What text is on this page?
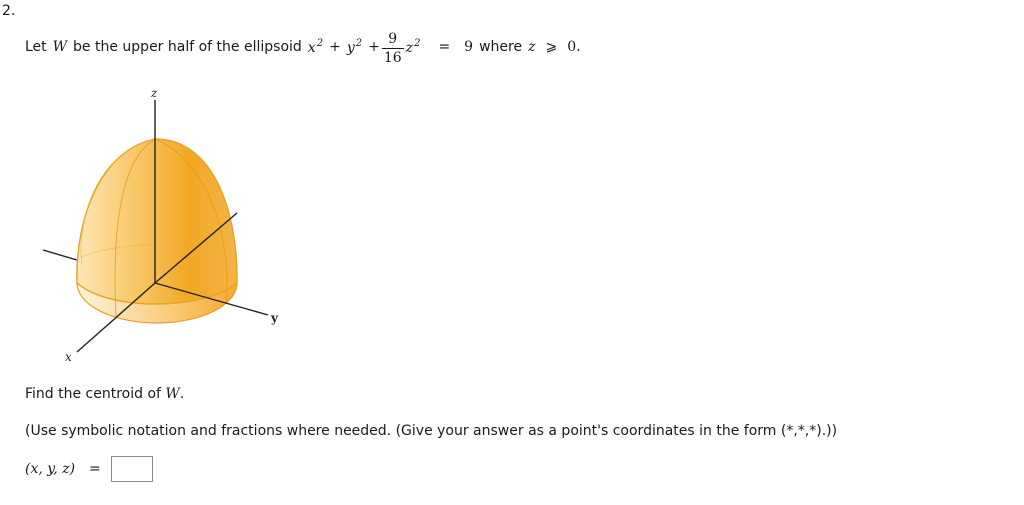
2.
Let W be the upper half of the ellipsoid $x^2 + y^2 + \frac{9}{16} z^2 = 9$ where z ⩾ 0.
z
y
x
Find the centroid of W.
(Use symbolic notation and fractions where needed. (Give your answer as a point's coordinates in the form (*,*,*).))
(x, y, z) =
